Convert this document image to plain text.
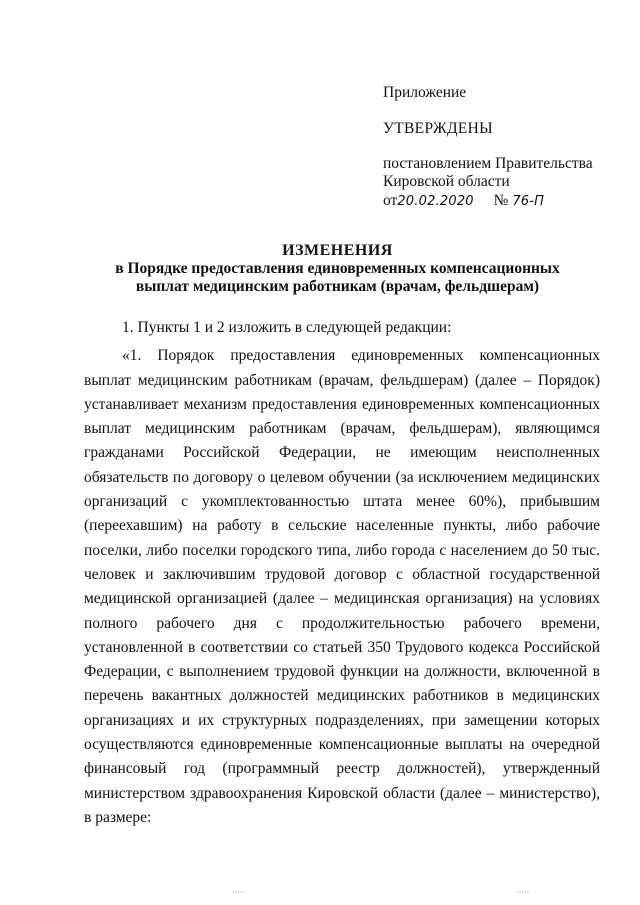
Приложение
УТВЕРЖДЕНЫ
постановлением Правительства
Кировской области
от20.02.2020 № 76-П
ИЗМЕНЕНИЯ
в Порядке предоставления единовременных компенсационных
выплат медицинским работникам (врачам, фельдшерам)

1. Пункты 1 и 2 изложить в следующей редакции:

«1. Порядок предоставления единовременных компенсационных выплат медицинским работникам (врачам, фельдшерам) (далее – Порядок) устанавливает механизм предоставления единовременных компенсационных выплат медицинским работникам (врачам, фельдшерам), являющимся гражданами Российской Федерации, не имеющим неисполненных обязательств по договору о целевом обучении (за исключением медицинских организаций с укомплектованностью штата менее 60%), прибывшим (переехавшим) на работу в сельские населенные пункты, либо рабочие поселки, либо поселки городского типа, либо города с населением до 50 тыс. человек и заключившим трудовой договор с областной государственной медицинской организацией (далее – медицинская организация) на условиях полного рабочего дня с продолжительностью рабочего времени, установленной в соответствии со статьей 350 Трудового кодекса Российской Федерации, с выполнением трудовой функции на должности, включенной в перечень вакантных должностей медицинских работников в медицинских организациях и их структурных подразделениях, при замещении которых осуществляются единовременные компенсационные выплаты на очередной финансовый год (программный реестр должностей), утвержденный министерством здравоохранения Кировской области (далее – министерство), в размере:

·····	·····
